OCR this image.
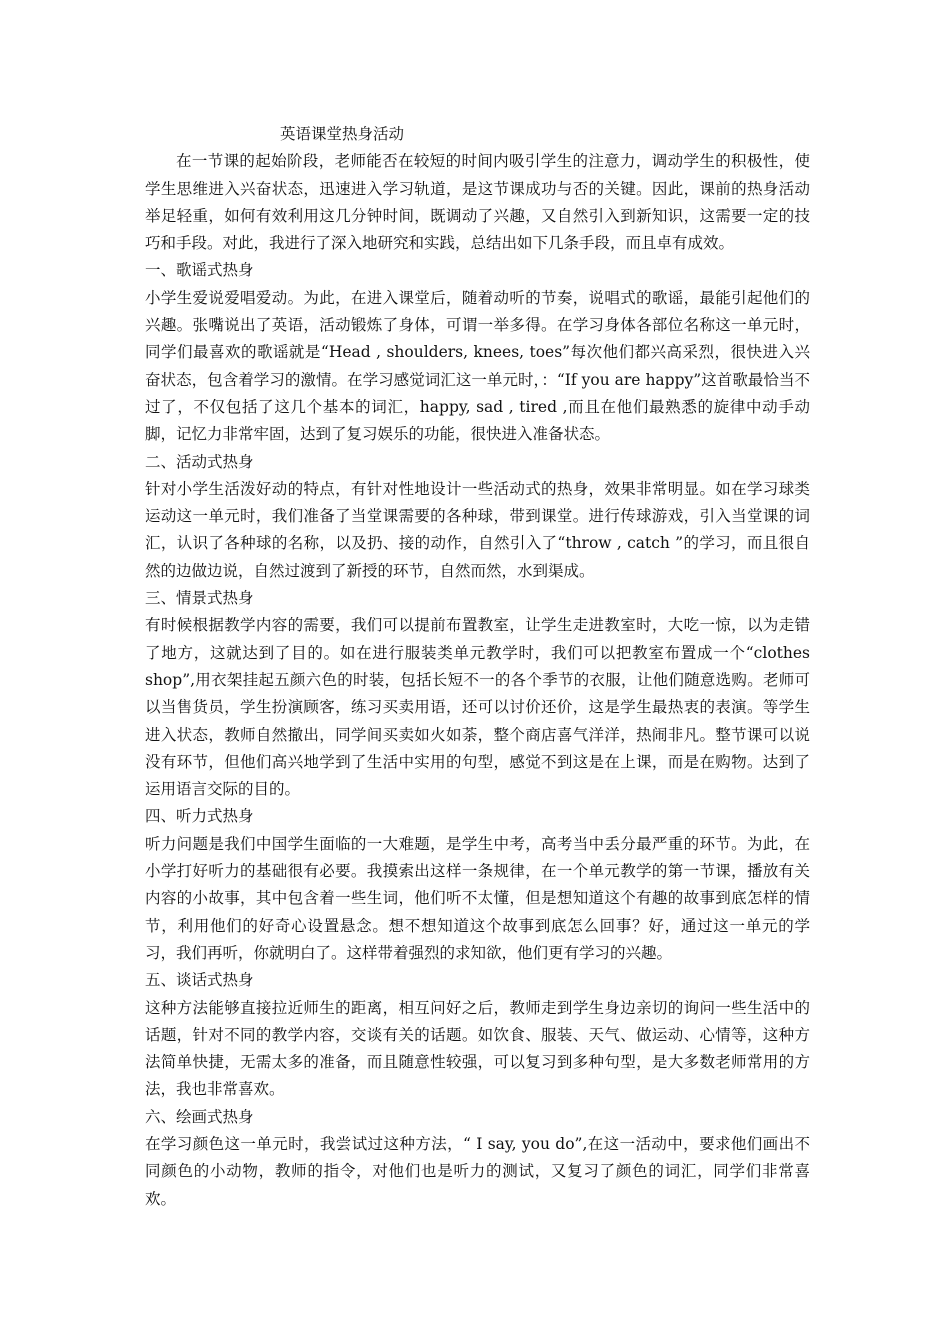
英语课堂热身活动

在一节课的起始阶段，老师能否在较短的时间内吸引学生的注意力，调动学生的积极性，使学生思维进入兴奋状态，迅速进入学习轨道，是这节课成功与否的关键。因此，课前的热身活动举足轻重，如何有效利用这几分钟时间，既调动了兴趣，又自然引入到新知识，这需要一定的技巧和手段。对此，我进行了深入地研究和实践，总结出如下几条手段，而且卓有成效。

一、歌谣式热身

小学生爱说爱唱爱动。为此，在进入课堂后，随着动听的节奏，说唱式的歌谣，最能引起他们的兴趣。张嘴说出了英语，活动锻炼了身体，可谓一举多得。在学习身体各部位名称这一单元时，同学们最喜欢的歌谣就是“Head , shoulders, knees, toes”每次他们都兴高采烈，很快进入兴奋状态，包含着学习的激情。在学习感觉词汇这一单元时，：“If you are happy”这首歌最恰当不过了，不仅包括了这几个基本的词汇，happy, sad , tired ,而且在他们最熟悉的旋律中动手动脚，记忆力非常牢固，达到了复习娱乐的功能，很快进入准备状态。

二、活动式热身

针对小学生活泼好动的特点，有针对性地设计一些活动式的热身，效果非常明显。如在学习球类运动这一单元时，我们准备了当堂课需要的各种球，带到课堂。进行传球游戏，引入当堂课的词汇，认识了各种球的名称，以及扔、接的动作，自然引入了“throw , catch ”的学习，而且很自然的边做边说，自然过渡到了新授的环节，自然而然，水到渠成。

三、情景式热身

有时候根据教学内容的需要，我们可以提前布置教室，让学生走进教室时，大吃一惊，以为走错了地方，这就达到了目的。如在进行服装类单元教学时，我们可以把教室布置成一个“clothes shop”,用衣架挂起五颜六色的时装，包括长短不一的各个季节的衣服，让他们随意选购。老师可以当售货员，学生扮演顾客，练习买卖用语，还可以讨价还价，这是学生最热衷的表演。等学生进入状态，教师自然撤出，同学间买卖如火如荼，整个商店喜气洋洋，热闹非凡。整节课可以说没有环节，但他们高兴地学到了生活中实用的句型，感觉不到这是在上课，而是在购物。达到了运用语言交际的目的。

四、听力式热身

听力问题是我们中国学生面临的一大难题，是学生中考，高考当中丢分最严重的环节。为此，在小学打好听力的基础很有必要。我摸索出这样一条规律，在一个单元教学的第一节课，播放有关内容的小故事，其中包含着一些生词，他们听不太懂，但是想知道这个有趣的故事到底怎样的情节，利用他们的好奇心设置悬念。想不想知道这个故事到底怎么回事？好，通过这一单元的学习，我们再听，你就明白了。这样带着强烈的求知欲，他们更有学习的兴趣。

五、谈话式热身

这种方法能够直接拉近师生的距离，相互问好之后，教师走到学生身边亲切的询问一些生活中的话题，针对不同的教学内容，交谈有关的话题。如饮食、服装、天气、做运动、心情等，这种方法简单快捷，无需太多的准备，而且随意性较强，可以复习到多种句型，是大多数老师常用的方法，我也非常喜欢。

六、绘画式热身

在学习颜色这一单元时，我尝试过这种方法，“ I say, you do”,在这一活动中，要求他们画出不同颜色的小动物，教师的指令，对他们也是听力的测试，又复习了颜色的词汇，同学们非常喜欢。
